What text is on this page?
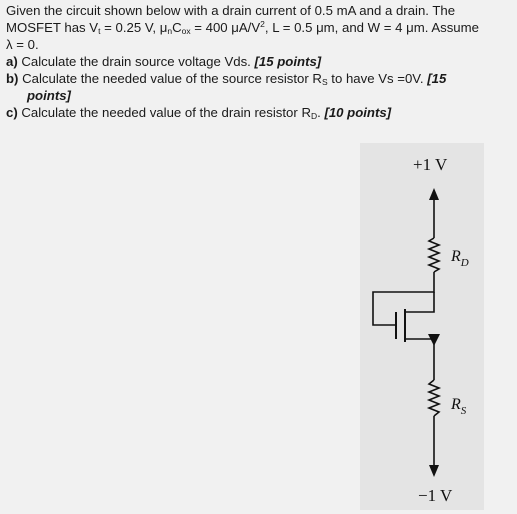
Given the circuit shown below with a drain current of 0.5 mA and a drain. The
MOSFET has $V_t = 0.25$ V, $\mu_nC_{ox} = 400$ $\mu A/V^2$, L = 0.5 μm, and W = 4 μm. Assume
λ = 0.
a) Calculate the drain source voltage Vds. [15 points]
b) Calculate the needed value of the source resistor $R_S$ to have Vs =0V. [15
points]
c) Calculate the needed value of the drain resistor $R_D$. [10 points]
+1 V
$R_D$
$R_S$
−1 V
